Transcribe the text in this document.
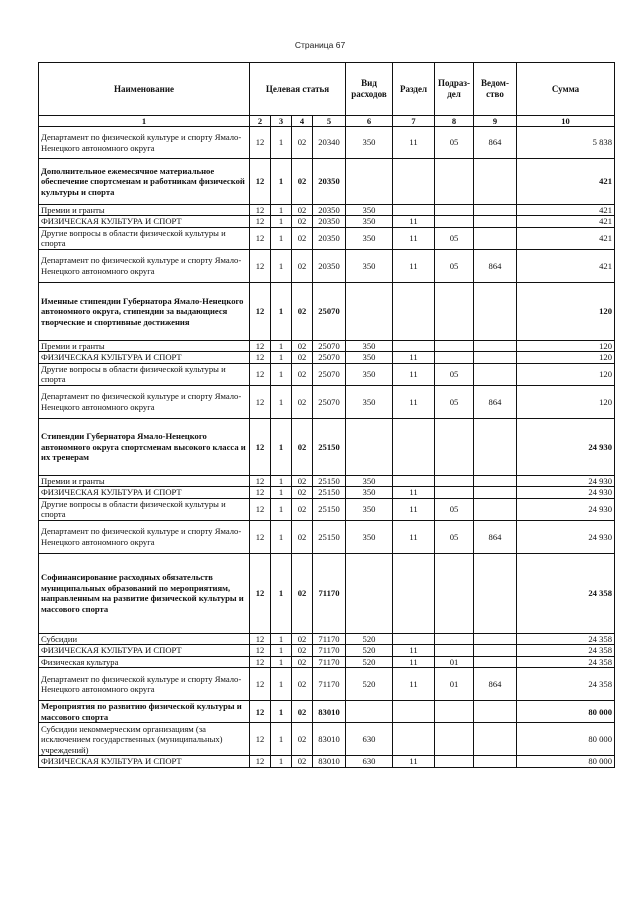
Страница 67
Наименование	Целевая статья				Вид расходов	Раздел	Подраз-дел	Ведом-ство	Сумма
1	2	3	4	5	6	7	8	9	10
Департамент по физической культуре и спорту Ямало-Ненецкого автономного округа	12	1	02	20340	350	11	05	864	5 838
Дополнительное ежемесячное материальное обеспечение спортсменам и работникам физической культуры и спорта	12	1	02	20350					421
Премии и гранты	12	1	02	20350	350				421
ФИЗИЧЕСКАЯ КУЛЬТУРА И СПОРТ	12	1	02	20350	350	11			421
Другие вопросы в области физической культуры и спорта	12	1	02	20350	350	11	05		421
Департамент по физической культуре и спорту Ямало-Ненецкого автономного округа	12	1	02	20350	350	11	05	864	421
Именные стипендии Губернатора Ямало-Ненецкого автономного округа, стипендии за выдающиеся творческие и спортивные достижения	12	1	02	25070					120
Премии и гранты	12	1	02	25070	350				120
ФИЗИЧЕСКАЯ КУЛЬТУРА И СПОРТ	12	1	02	25070	350	11			120
Другие вопросы в области физической культуры и спорта	12	1	02	25070	350	11	05		120
Департамент по физической культуре и спорту Ямало-Ненецкого автономного округа	12	1	02	25070	350	11	05	864	120
Стипендии Губернатора Ямало-Ненецкого автономного округа спортсменам высокого класса и их тренерам	12	1	02	25150					24 930
Премии и гранты	12	1	02	25150	350				24 930
ФИЗИЧЕСКАЯ КУЛЬТУРА И СПОРТ	12	1	02	25150	350	11			24 930
Другие вопросы в области физической культуры и спорта	12	1	02	25150	350	11	05		24 930
Департамент по физической культуре и спорту Ямало-Ненецкого автономного округа	12	1	02	25150	350	11	05	864	24 930
Софинансирование расходных обязательств муниципальных образований по мероприятиям, направленным на развитие физической культуры и массового спорта	12	1	02	71170					24 358
Субсидии	12	1	02	71170	520				24 358
ФИЗИЧЕСКАЯ КУЛЬТУРА И СПОРТ	12	1	02	71170	520	11			24 358
Физическая культура	12	1	02	71170	520	11	01		24 358
Департамент по физической культуре и спорту Ямало-Ненецкого автономного округа	12	1	02	71170	520	11	01	864	24 358
Мероприятия по развитию физической культуры и массового спорта	12	1	02	83010					80 000
Субсидии некоммерческим организациям (за исключением государственных (муниципальных) учреждений)	12	1	02	83010	630				80 000
ФИЗИЧЕСКАЯ КУЛЬТУРА И СПОРТ	12	1	02	83010	630	11			80 000
